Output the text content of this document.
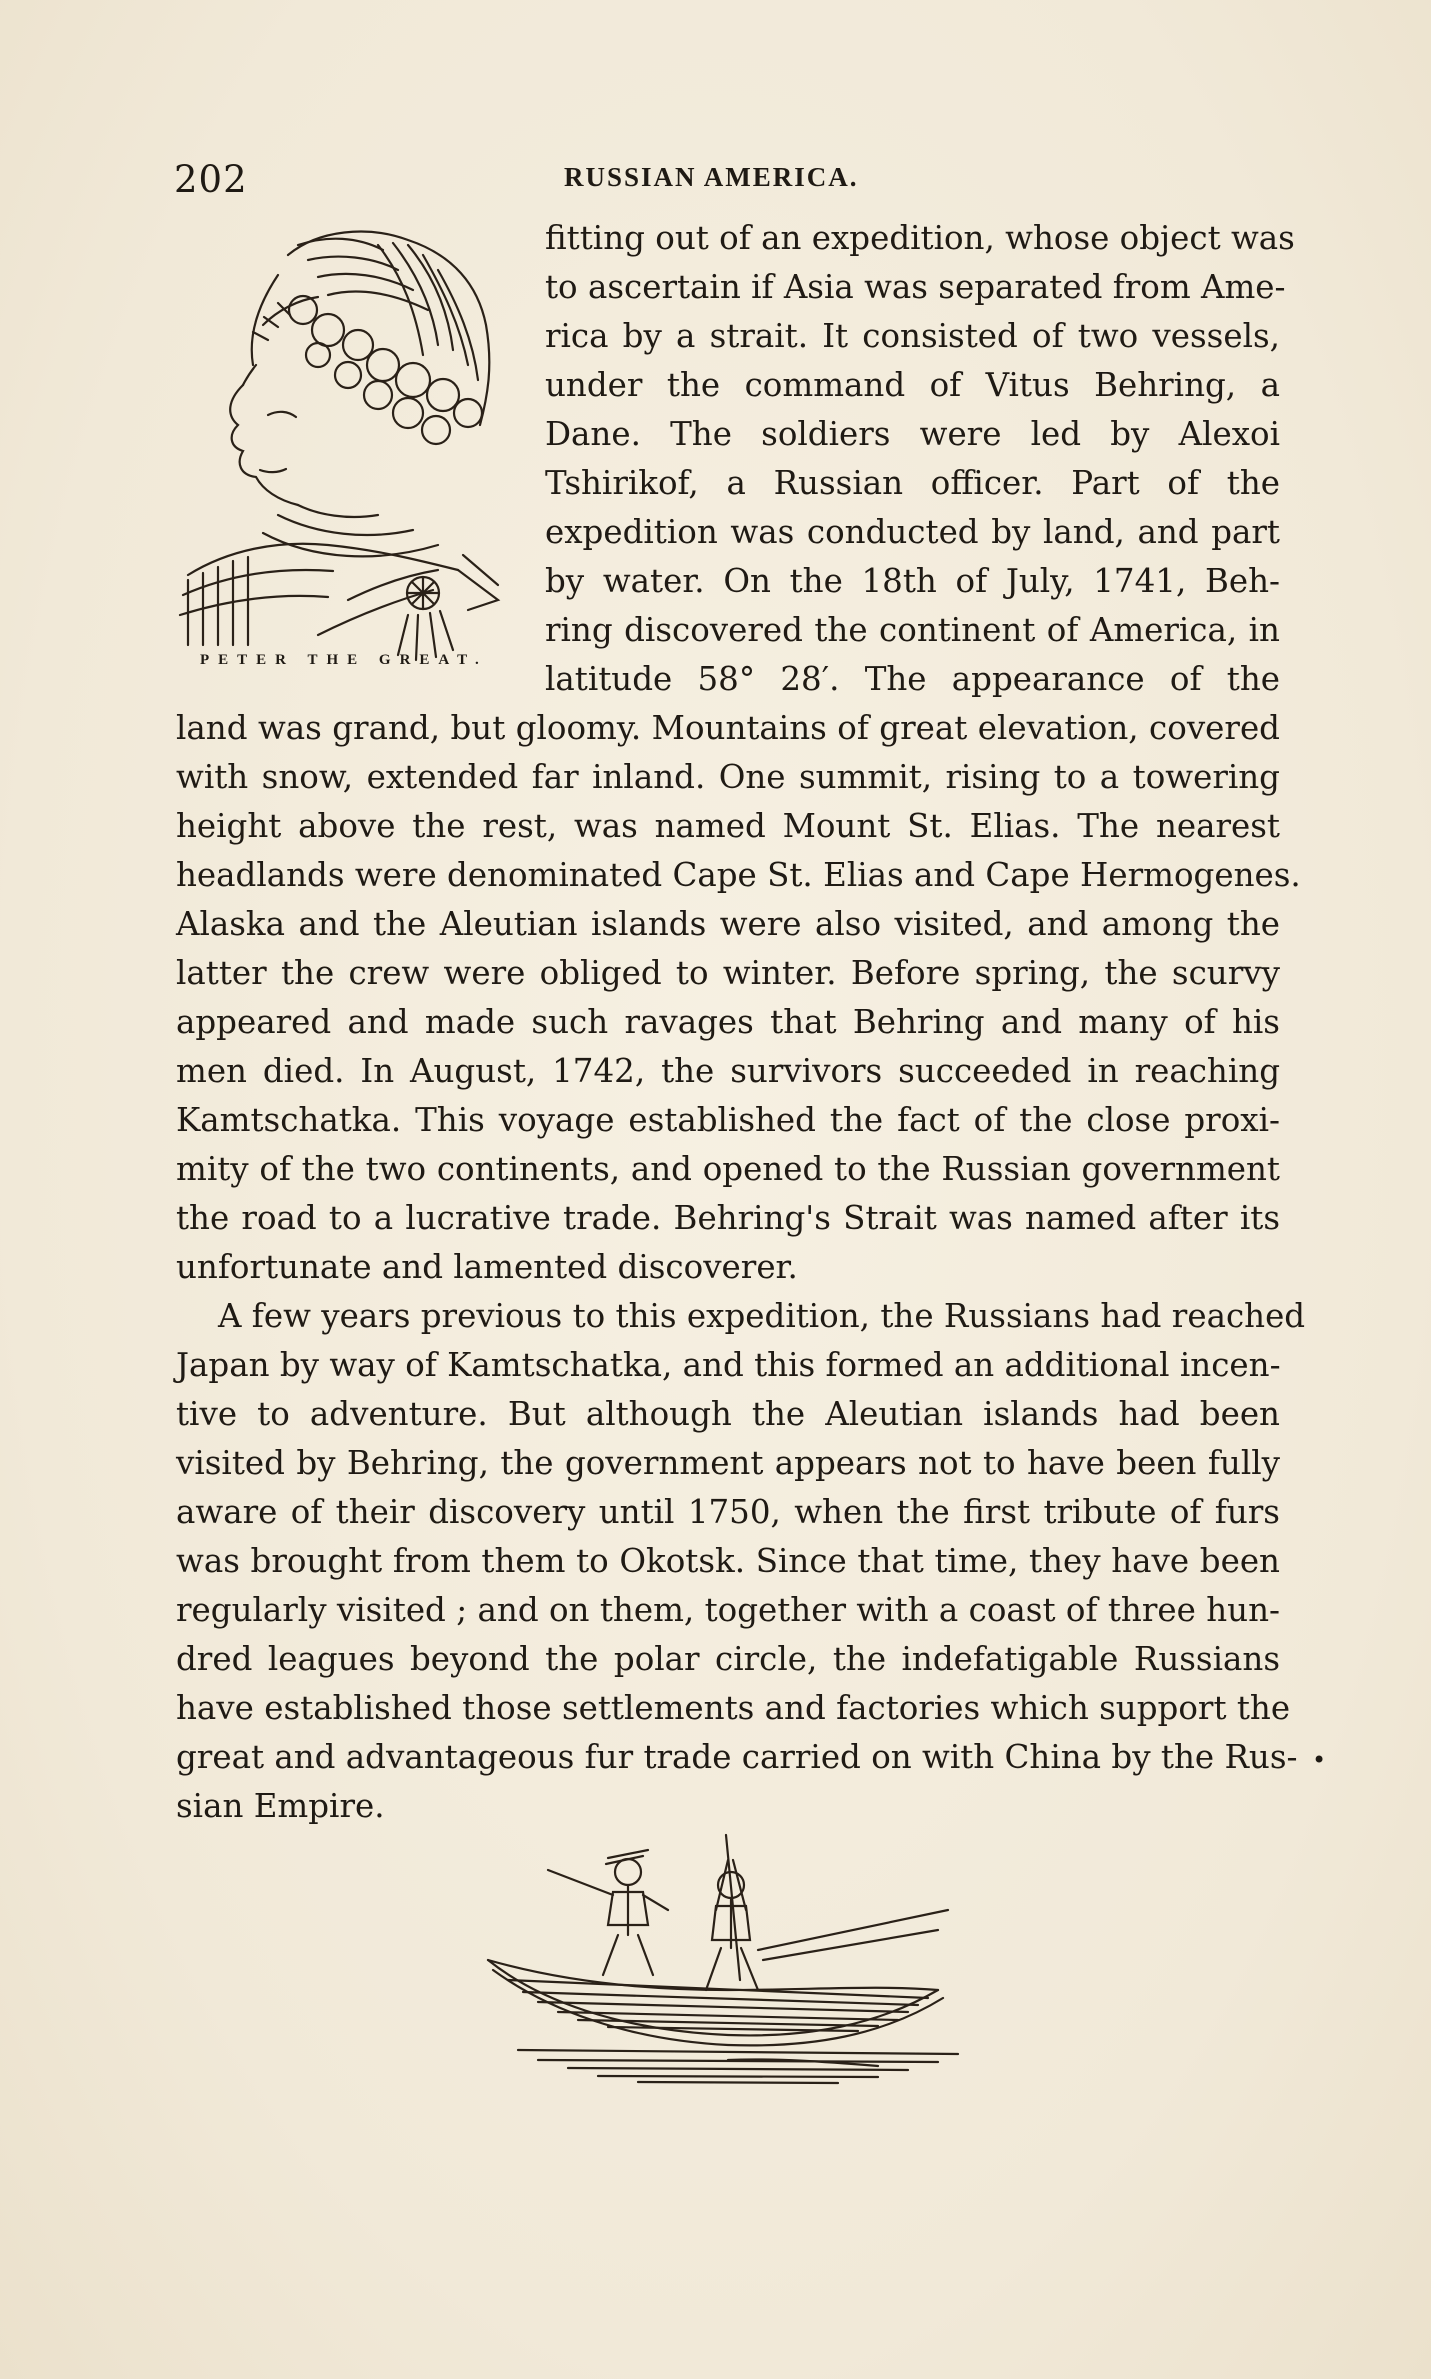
202	RUSSIAN AMERICA.
PETER THE GREAT.
fitting out of an expedition, whose object was
to ascertain if Asia was separated from Ame-
rica by a strait. It consisted of two vessels,
under the command of Vitus Behring, a
Dane. The soldiers were led by Alexoi
Tshirikof, a Russian officer. Part of the
expedition was conducted by land, and part
by water. On the 18th of July, 1741, Beh-
ring discovered the continent of America, in
latitude 58° 28′. The appearance of the
land was grand, but gloomy. Mountains of great elevation, covered
with snow, extended far inland. One summit, rising to a towering
height above the rest, was named Mount St. Elias. The nearest
headlands were denominated Cape St. Elias and Cape Hermogenes.
Alaska and the Aleutian islands were also visited, and among the
latter the crew were obliged to winter. Before spring, the scurvy
appeared and made such ravages that Behring and many of his
men died. In August, 1742, the survivors succeeded in reaching
Kamtschatka. This voyage established the fact of the close proxi-
mity of the two continents, and opened to the Russian government
the road to a lucrative trade. Behring's Strait was named after its
unfortunate and lamented discoverer.
A few years previous to this expedition, the Russians had reached
Japan by way of Kamtschatka, and this formed an additional incen-
tive to adventure. But although the Aleutian islands had been
visited by Behring, the government appears not to have been fully
aware of their discovery until 1750, when the first tribute of furs
was brought from them to Okotsk. Since that time, they have been
regularly visited ; and on them, together with a coast of three hun-
dred leagues beyond the polar circle, the indefatigable Russians
have established those settlements and factories which support the
great and advantageous fur trade carried on with China by the Rus-
sian Empire.
•
